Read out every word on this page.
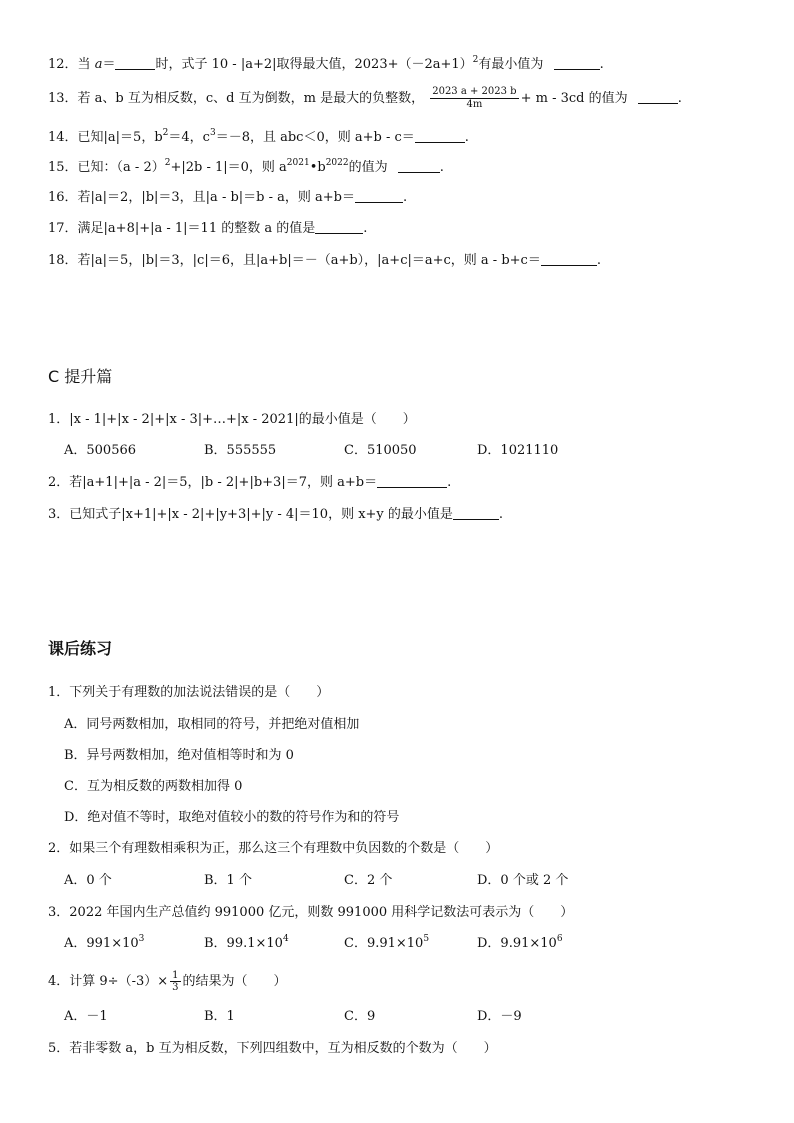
12．当 a＝	时，式子 10 - |a+2|取得最大值，$2023+(-2a+1)^2$有最小值为	.
13．若 a、b 互为相反数，c、d 互为倒数，m 是最大的负整数， $\frac{2023 a + 2023 b}{4m} + m - 3cd$ 的值为	.
14．已知|a|＝5，$b^2=4$，$c^3=-8$，且 abc＜0，则 a+b - c＝	.
15．已知：（a - 2）$^2$+|2b - 1|＝0，则 $a^{2021}•b^{2022}$的值为	.
16．若|a|＝2，|b|＝3，且|a - b|＝b - a，则 a+b＝	.
17．满足|a+8|+|a - 1|＝11 的整数 a 的值是	.
18．若|a|＝5，|b|＝3，|c|＝6，且|a+b|＝－（a+b），|a+c|＝a+c，则 a - b+c＝	.
C 提升篇
1．|x - 1|+|x - 2|+|x - 3|+…+|x - 2021|的最小值是（　　）
A．500566	B．555555	C．510050	D．1021110
2．若|a+1|+|a - 2|＝5，|b - 2|+|b+3|＝7，则 a+b＝	.
3．已知式子|x+1|+|x - 2|+|y+3|+|y - 4|＝10，则 x+y 的最小值是	.
课后练习
1．下列关于有理数的加法说法错误的是（　　）
A．同号两数相加，取相同的符号，并把绝对值相加
B．异号两数相加，绝对值相等时和为 0
C．互为相反数的两数相加得 0
D．绝对值不等时，取绝对值较小的数的符号作为和的符号
2．如果三个有理数相乘积为正，那么这三个有理数中负因数的个数是（　　）
A．0 个	B．1 个	C．2 个	D．0 个或 2 个
3．2022 年国内生产总值约 991000 亿元，则数 991000 用科学记数法可表示为（　　）
A．$991\times 10^3$	B．$99.1\times 10^4$	C．$9.91\times 10^5$	D．$9.91\times 10^6$
4．计算 $9\div(-3)\times \frac{1}{3}$ 的结果为（　　）
A．－1	B．1	C．9	D．－9
5．若非零数 a，b 互为相反数，下列四组数中，互为相反数的个数为（　　）
